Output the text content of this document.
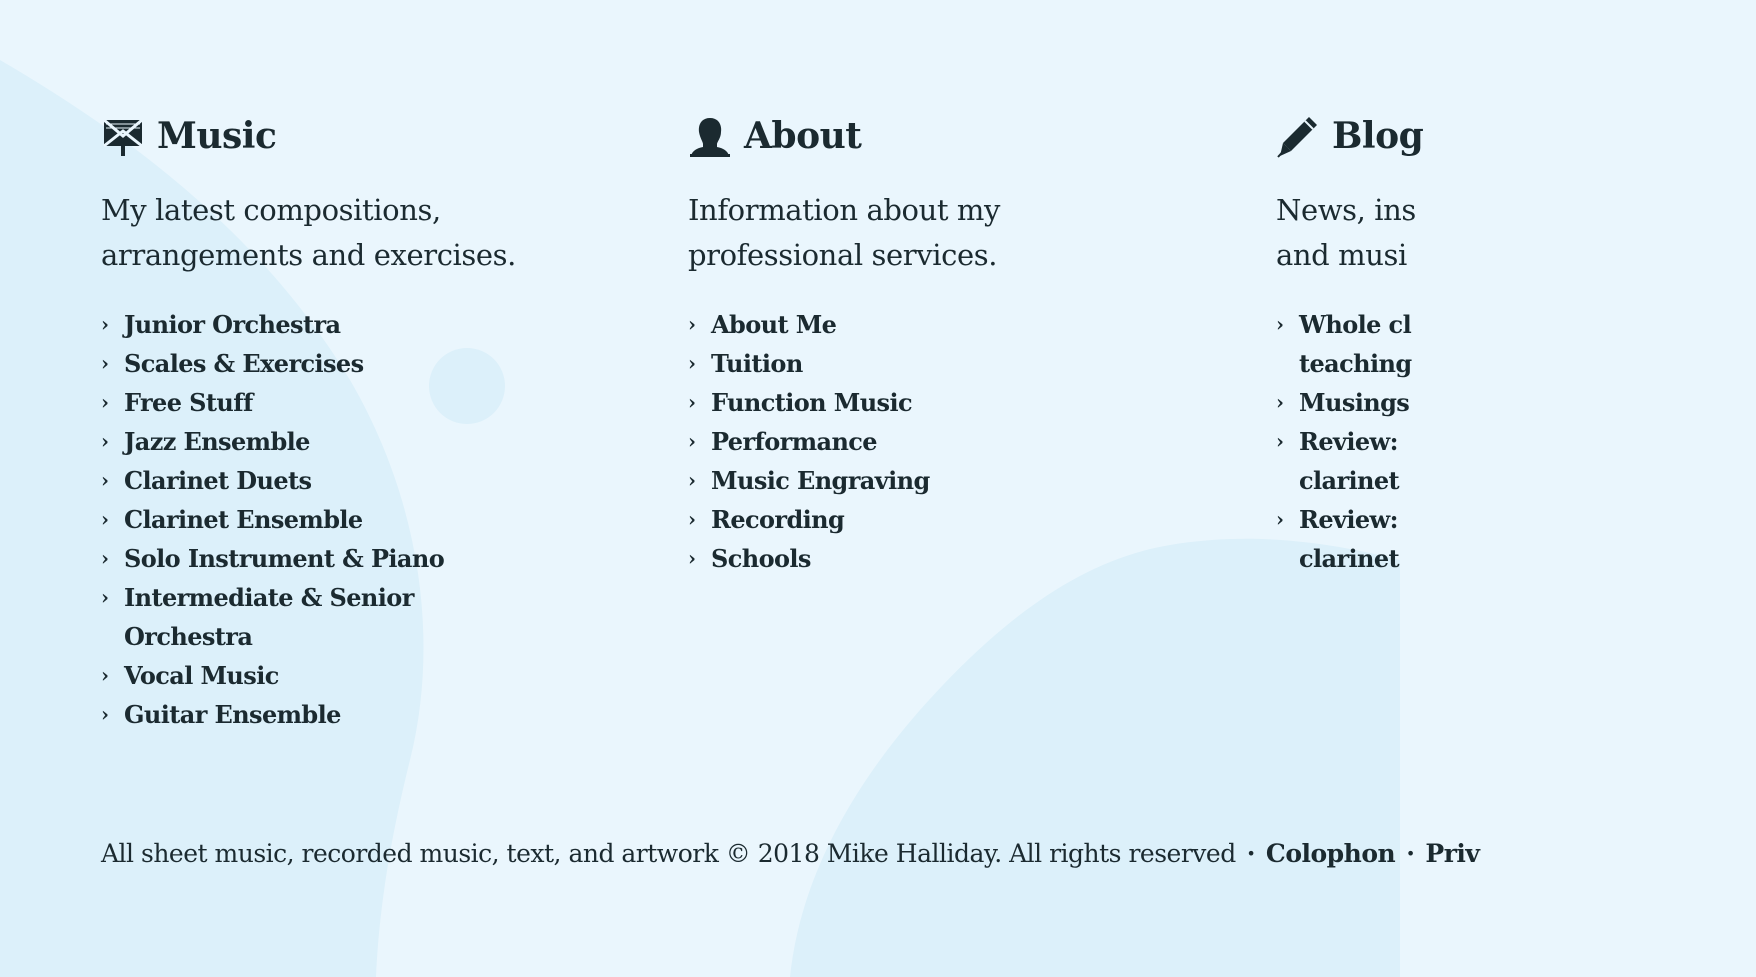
Music

My latest compositions,
arrangements and exercises.

› Junior Orchestra
› Scales & Exercises
› Free Stuff
› Jazz Ensemble
› Clarinet Duets
› Clarinet Ensemble
› Solo Instrument & Piano
› Intermediate & Senior
Orchestra
› Vocal Music
› Guitar Ensemble
About

Information about my
professional services.

› About Me
› Tuition
› Function Music
› Performance
› Music Engraving
› Recording
› Schools
Blog

News, ins
and musi

› Whole cl
teaching
› Musings
› Review:
clarinet
› Review:
clarinet
All sheet music, recorded music, text, and artwork © 2018 Mike Halliday. All rights reserved · Colophon · Priv
